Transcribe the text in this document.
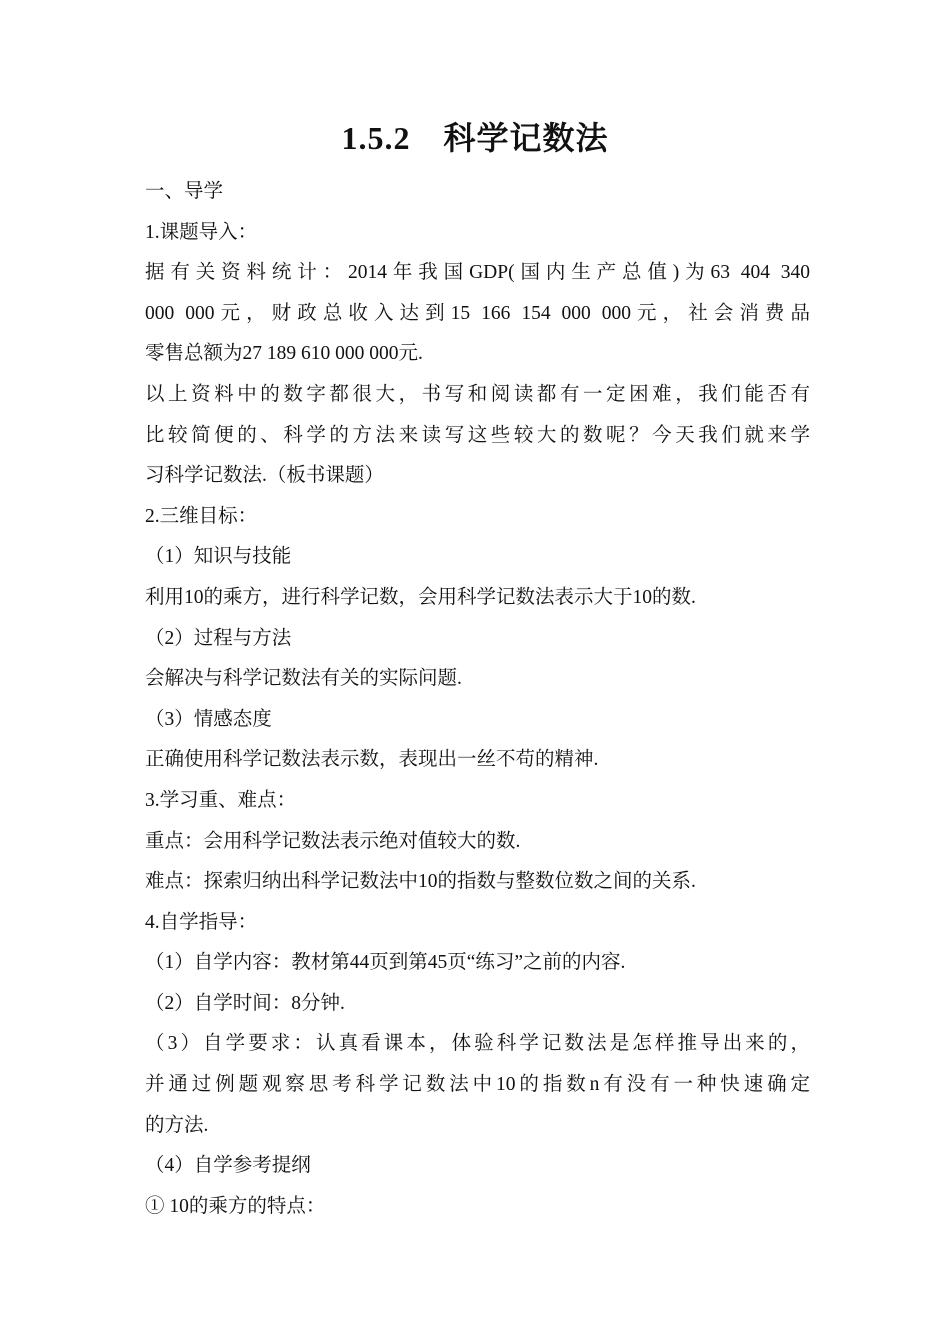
1.5.2　科学记数法
一、导学
1.课题导入：
据有关资料统计：2014年我国GDP(国内生产总值)为63 404 340
000 000元，财政总收入达到15 166 154 000 000元，社会消费品
零售总额为27 189 610 000 000元.
以上资料中的数字都很大，书写和阅读都有一定困难，我们能否有
比较简便的、科学的方法来读写这些较大的数呢？今天我们就来学
习科学记数法.（板书课题）
2.三维目标：
（1）知识与技能
利用10的乘方，进行科学记数，会用科学记数法表示大于10的数.
（2）过程与方法
会解决与科学记数法有关的实际问题.
（3）情感态度
正确使用科学记数法表示数，表现出一丝不苟的精神.
3.学习重、难点：
重点：会用科学记数法表示绝对值较大的数.
难点：探索归纳出科学记数法中10的指数与整数位数之间的关系.
4.自学指导：
（1）自学内容：教材第44页到第45页“练习”之前的内容.
（2）自学时间：8分钟.
（3）自学要求：认真看课本，体验科学记数法是怎样推导出来的，
并通过例题观察思考科学记数法中10的指数n有没有一种快速确定
的方法.
（4）自学参考提纲
① 10的乘方的特点：
